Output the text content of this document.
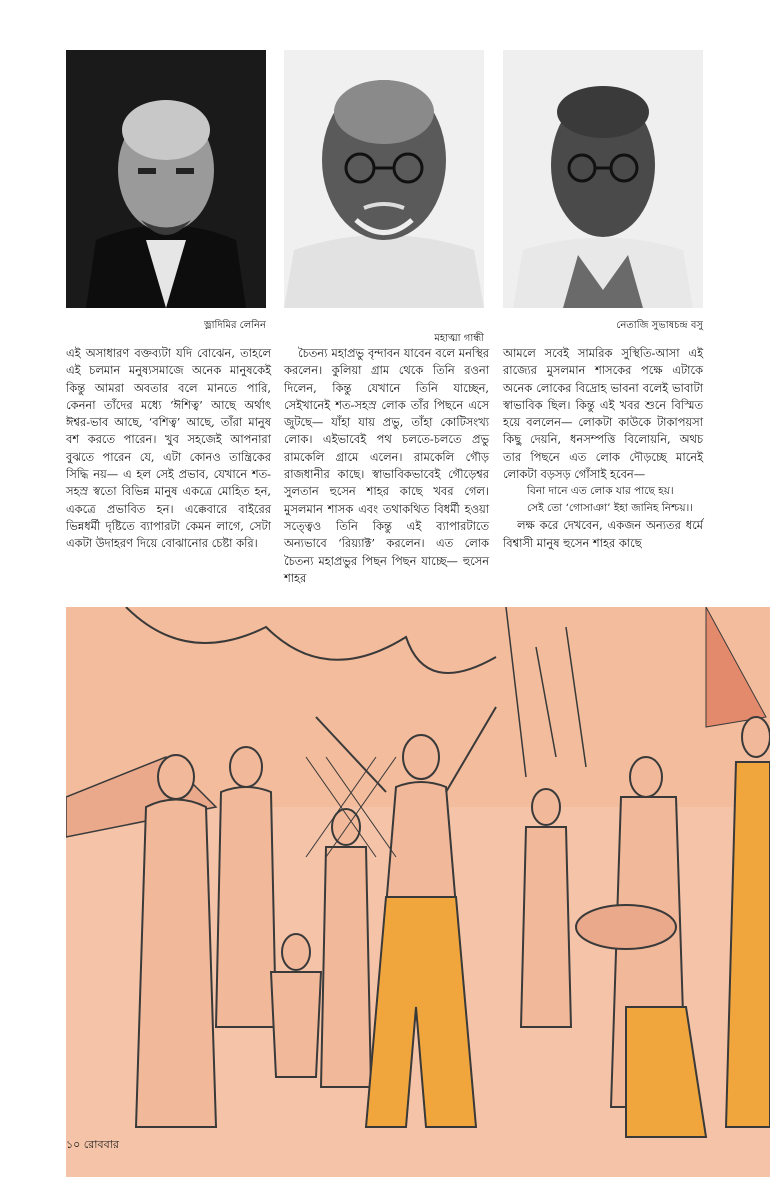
ভ্লাদিমির লেনিন
মহাত্মা গান্ধী
নেতাজি সুভাষচন্দ্র বসু

এই অসাধারণ বক্তব্যটা যদি বোঝেন, তাহলে এই চলমান মনুষ্যসমাজে অনেক মানুষকেই কিন্তু আমরা অবতার বলে মানতে পারি, কেননা তাঁদের মধ্যে ‘ঈশিত্ব’ আছে অর্থাৎ ঈশ্বর-ভাব আছে, ‘বশিত্ব’ আছে, তাঁরা মানুষ বশ করতে পারেন। খুব সহজেই আপনারা বুঝতে পারেন যে, এটা কোনও তান্ত্রিকের সিদ্ধি নয়— এ হল সেই প্রভাব, যেখানে শত-সহস্র স্বতো বিভিন্ন মানুষ একত্রে মোহিত হন, একত্রে প্রভাবিত হন। এক্কেবারে বাইরের ভিন্নধর্মী দৃষ্টিতে ব্যাপারটা কেমন লাগে, সেটা একটা উদাহরণ দিয়ে বোঝানোর চেষ্টা করি।

চৈতন্য মহাপ্রভু বৃন্দাবন যাবেন বলে মনস্থির করলেন। কুলিয়া গ্রাম থেকে তিনি রওনা দিলেন, কিন্তু যেখানে তিনি যাচ্ছেন, সেইখানেই শত-সহস্র লোক তাঁর পিছনে এসে জুটছে— যাঁহা যায় প্রভু, তাঁহা কোটিসংখ্য লোক। এইভাবেই পথ চলতে-চলতে প্রভু রামকেলি গ্রামে এলেন। রামকেলি গৌড় রাজধানীর কাছে। স্বাভাবিকভাবেই গৌড়েশ্বর সুলতান হুসেন শাহর কাছে খবর গেল। মুসলমান শাসক এবং তথাকথিত বিধর্মী হওয়া সত্ত্বেও তিনি কিন্তু এই ব্যাপারটাতে অন্যভাবে ‘রিয়্যাক্ট’ করলেন। এত লোক চৈতন্য মহাপ্রভুর পিছন পিছন যাচ্ছে— হুসেন শাহর

আমলে সবেই সামরিক সুস্থিতি-আসা এই রাজ্যের মুসলমান শাসকের পক্ষে এটাকে অনেক লোকের বিদ্রোহ ভাবনা বলেই ভাবাটা স্বাভাবিক ছিল। কিন্তু এই খবর শুনে বিস্মিত হয়ে বললেন— লোকটা কাউকে টাকাপয়সা কিছু দেয়নি, ধনসম্পত্তি বিলোয়নি, অথচ তার পিছনে এত লোক দৌড়চ্ছে মানেই লোকটা বড়সড় গোঁসাই হবেন—

বিনা দানে এত লোক যার পাছে হয়।

সেই তো ‘গোসাঞা’ ইহা জানিহ নিশ্চয়।।

লক্ষ করে দেখবেন, একজন অন্যতর ধর্মে বিশ্বাসী মানুষ হুসেন শাহর কাছে

১০ রোববার
